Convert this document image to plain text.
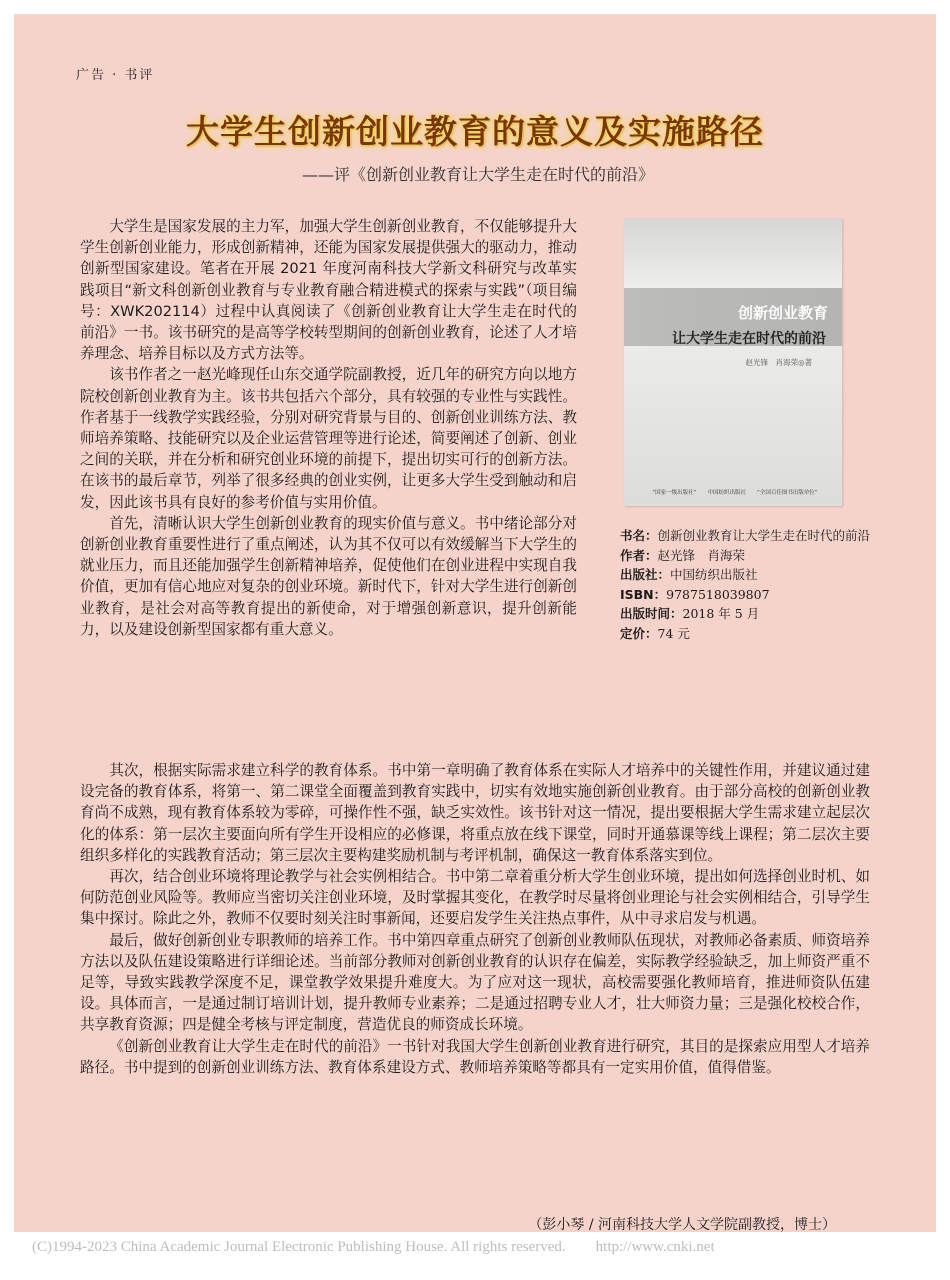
广告 · 书评
大学生创新创业教育的意义及实施路径
——评《创新创业教育让大学生走在时代的前沿》

大学生是国家发展的主力军，加强大学生创新创业教育，不仅能够提升大学生创新创业能力，形成创新精神，还能为国家发展提供强大的驱动力，推动创新型国家建设。笔者在开展 2021 年度河南科技大学新文科研究与改革实践项目“新文科创新创业教育与专业教育融合精进模式的探索与实践”（项目编号：XWK202114）过程中认真阅读了《创新创业教育让大学生走在时代的前沿》一书。该书研究的是高等学校转型期间的创新创业教育，论述了人才培养理念、培养目标以及方式方法等。

该书作者之一赵光峰现任山东交通学院副教授，近几年的研究方向以地方院校创新创业教育为主。该书共包括六个部分，具有较强的专业性与实践性。作者基于一线教学实践经验，分别对研究背景与目的、创新创业训练方法、教师培养策略、技能研究以及企业运营管理等进行论述，简要阐述了创新、创业之间的关联，并在分析和研究创业环境的前提下，提出切实可行的创新方法。在该书的最后章节，列举了很多经典的创业实例，让更多大学生受到触动和启发，因此该书具有良好的参考价值与实用价值。

首先，清晰认识大学生创新创业教育的现实价值与意义。书中绪论部分对创新创业教育重要性进行了重点阐述，认为其不仅可以有效缓解当下大学生的就业压力，而且还能加强学生创新精神培养，促使他们在创业进程中实现自我价值，更加有信心地应对复杂的创业环境。新时代下，针对大学生进行创新创业教育，是社会对高等教育提出的新使命，对于增强创新意识，提升创新能力，以及建设创新型国家都有重大意义。

创新创业教育
让大学生走在时代的前沿
赵光锋　肖海荣◎著
“国家一级出版社”　　中国纺织出版社　　“全国百佳图书出版单位”
书名： 创新创业教育让大学生走在时代的前沿
作者： 赵光锋　肖海荣
出版社： 中国纺织出版社
ISBN： 9787518039807
出版时间： 2018 年 5 月
定价： 74 元

其次，根据实际需求建立科学的教育体系。书中第一章明确了教育体系在实际人才培养中的关键性作用，并建议通过建设完备的教育体系，将第一、第二课堂全面覆盖到教育实践中，切实有效地实施创新创业教育。由于部分高校的创新创业教育尚不成熟，现有教育体系较为零碎，可操作性不强，缺乏实效性。该书针对这一情况，提出要根据大学生需求建立起层次化的体系：第一层次主要面向所有学生开设相应的必修课，将重点放在线下课堂，同时开通慕课等线上课程；第二层次主要组织多样化的实践教育活动；第三层次主要构建奖励机制与考评机制，确保这一教育体系落实到位。

再次，结合创业环境将理论教学与社会实例相结合。书中第二章着重分析大学生创业环境，提出如何选择创业时机、如何防范创业风险等。教师应当密切关注创业环境，及时掌握其变化，在教学时尽量将创业理论与社会实例相结合，引导学生集中探讨。除此之外，教师不仅要时刻关注时事新闻，还要启发学生关注热点事件，从中寻求启发与机遇。

最后，做好创新创业专职教师的培养工作。书中第四章重点研究了创新创业教师队伍现状，对教师必备素质、师资培养方法以及队伍建设策略进行详细论述。当前部分教师对创新创业教育的认识存在偏差，实际教学经验缺乏，加上师资严重不足等，导致实践教学深度不足，课堂教学效果提升难度大。为了应对这一现状，高校需要强化教师培育，推进师资队伍建设。具体而言，一是通过制订培训计划，提升教师专业素养；二是通过招聘专业人才，壮大师资力量；三是强化校校合作，共享教育资源；四是健全考核与评定制度，营造优良的师资成长环境。

《创新创业教育让大学生走在时代的前沿》一书针对我国大学生创新创业教育进行研究，其目的是探索应用型人才培养路径。书中提到的创新创业训练方法、教育体系建设方式、教师培养策略等都具有一定实用价值，值得借鉴。

（彭小琴 / 河南科技大学人文学院副教授，博士）
(C)1994-2023 China Academic Journal Electronic Publishing House. All rights reserved.　　http://www.cnki.net
